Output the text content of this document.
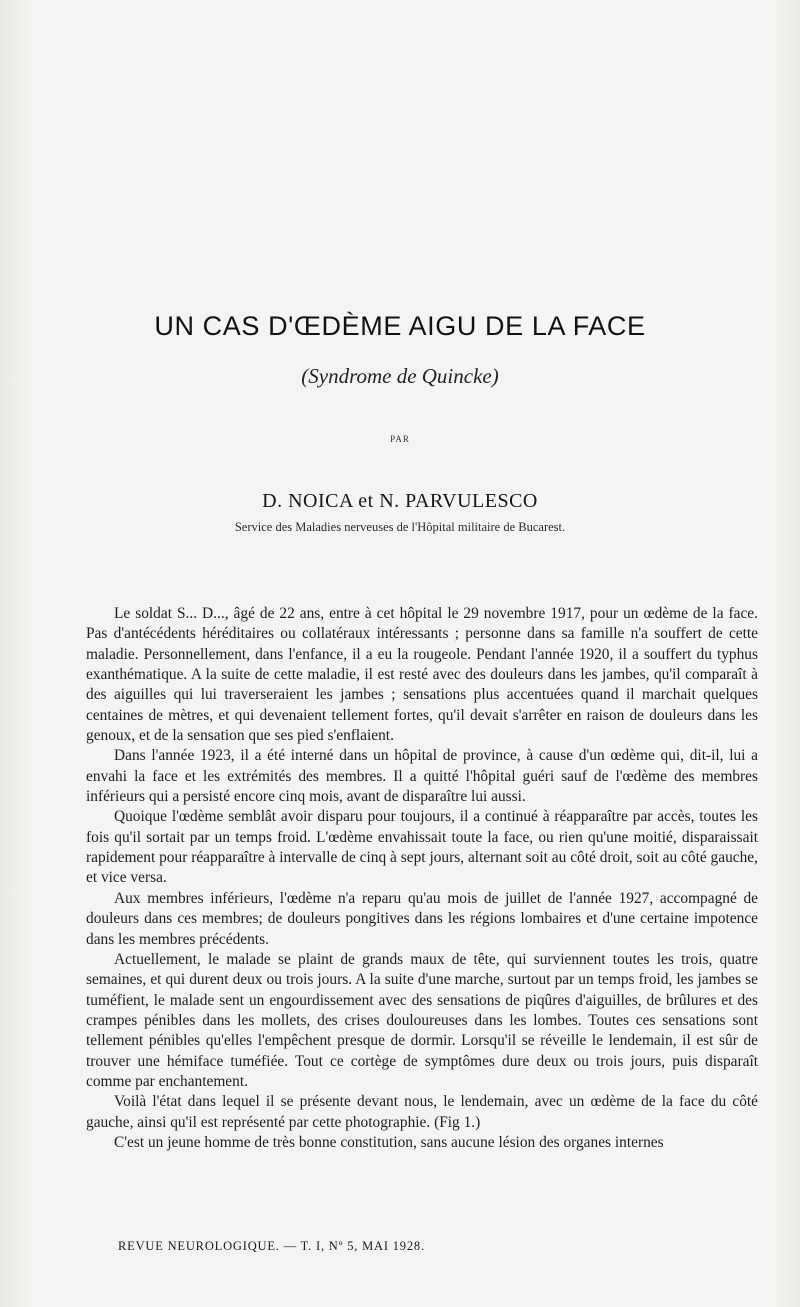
UN CAS D'ŒDÈME AIGU DE LA FACE
(Syndrome de Quincke)
PAR
D. NOICA et N. PARVULESCO
Service des Maladies nerveuses de l'Hôpital militaire de Bucarest.

Le soldat S... D..., âgé de 22 ans, entre à cet hôpital le 29 novembre 1917, pour un œdème de la face. Pas d'antécédents héréditaires ou collatéraux intéressants ; personne dans sa famille n'a souffert de cette maladie. Personnellement, dans l'enfance, il a eu la rougeole. Pendant l'année 1920, il a souffert du typhus exanthématique. A la suite de cette maladie, il est resté avec des douleurs dans les jambes, qu'il comparaît à des aiguilles qui lui traverseraient les jambes ; sensations plus accentuées quand il marchait quelques centaines de mètres, et qui devenaient tellement fortes, qu'il devait s'arrêter en raison de douleurs dans les genoux, et de la sensation que ses pied s'enflaient.

Dans l'année 1923, il a été interné dans un hôpital de province, à cause d'un œdème qui, dit-il, lui a envahi la face et les extrémités des membres. Il a quitté l'hôpital guéri sauf de l'œdème des membres inférieurs qui a persisté encore cinq mois, avant de disparaître lui aussi.

Quoique l'œdème semblât avoir disparu pour toujours, il a continué à réapparaître par accès, toutes les fois qu'il sortait par un temps froid. L'œdème envahissait toute la face, ou rien qu'une moitié, disparaissait rapidement pour réapparaître à intervalle de cinq à sept jours, alternant soit au côté droit, soit au côté gauche, et vice versa.

Aux membres inférieurs, l'œdème n'a reparu qu'au mois de juillet de l'année 1927, accompagné de douleurs dans ces membres; de douleurs pongitives dans les régions lombaires et d'une certaine impotence dans les membres précédents.

Actuellement, le malade se plaint de grands maux de tête, qui surviennent toutes les trois, quatre semaines, et qui durent deux ou trois jours. A la suite d'une marche, surtout par un temps froid, les jambes se tuméfient, le malade sent un engourdissement avec des sensations de piqûres d'aiguilles, de brûlures et des crampes pénibles dans les mollets, des crises douloureuses dans les lombes. Toutes ces sensations sont tellement pénibles qu'elles l'empêchent presque de dormir. Lorsqu'il se réveille le lendemain, il est sûr de trouver une hémiface tuméfiée. Tout ce cortège de symptômes dure deux ou trois jours, puis disparaît comme par enchantement.

Voilà l'état dans lequel il se présente devant nous, le lendemain, avec un œdème de la face du côté gauche, ainsi qu'il est représenté par cette photographie. (Fig 1.)

C'est un jeune homme de très bonne constitution, sans aucune lésion des organes internes

REVUE NEUROLOGIQUE. — T. I, Nº 5, MAI 1928.
